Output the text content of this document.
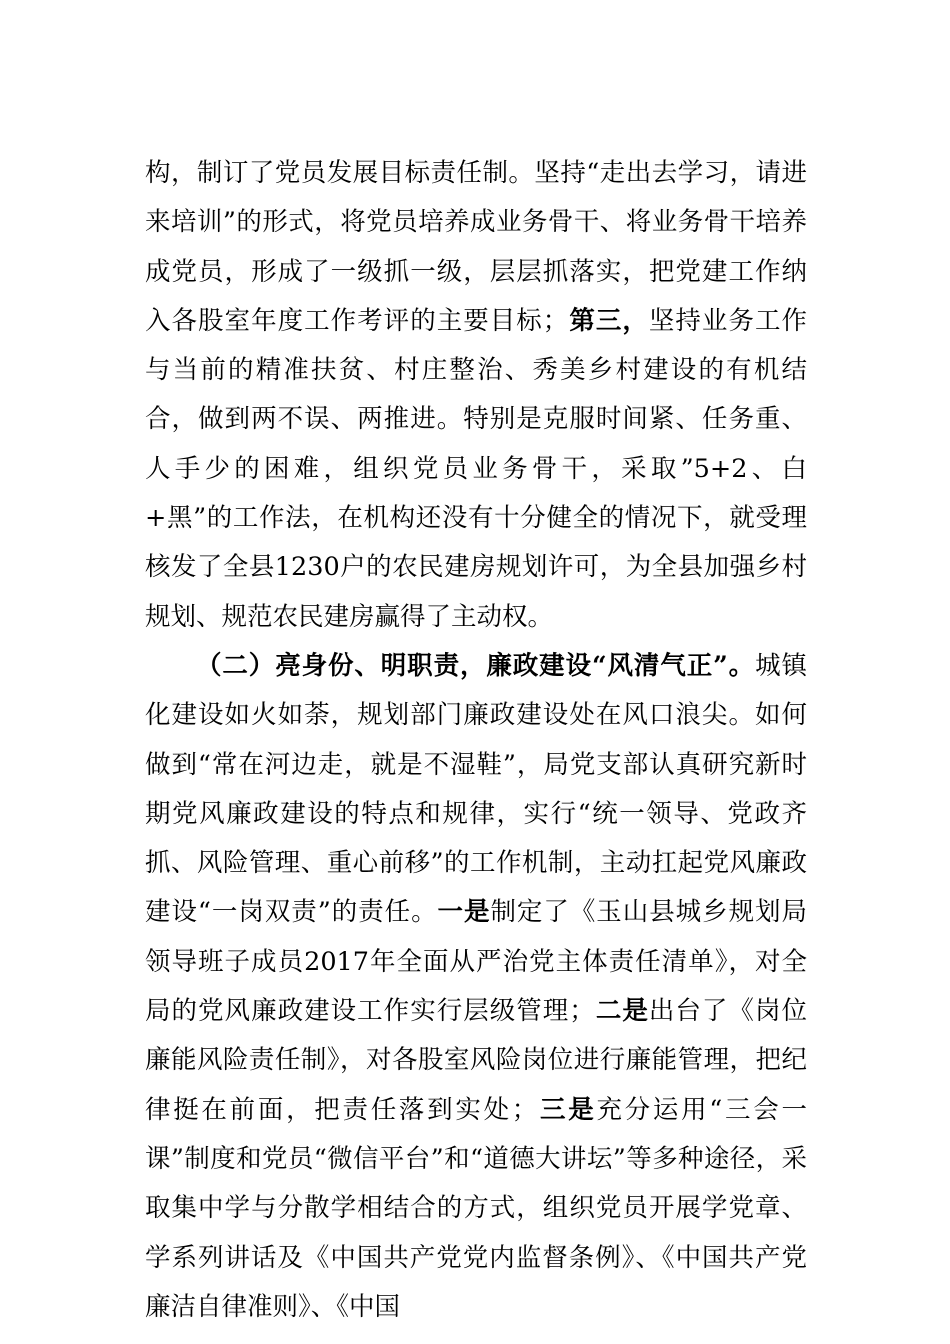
构，制订了党员发展目标责任制。坚持“走出去学习，请进来培训”的形式，将党员培养成业务骨干、将业务骨干培养成党员，形成了一级抓一级，层层抓落实，把党建工作纳入各股室年度工作考评的主要目标；第三，坚持业务工作与当前的精准扶贫、村庄整治、秀美乡村建设的有机结合，做到两不误、两推进。特别是克服时间紧、任务重、人手少的困难，组织党员业务骨干，采取”5+2、白+黑”的工作法，在机构还没有十分健全的情况下，就受理核发了全县1230户的农民建房规划许可，为全县加强乡村规划、规范农民建房赢得了主动权。

（二）亮身份、明职责，廉政建设“风清气正”。城镇化建设如火如荼，规划部门廉政建设处在风口浪尖。如何做到“常在河边走，就是不湿鞋”，局党支部认真研究新时期党风廉政建设的特点和规律，实行“统一领导、党政齐抓、风险管理、重心前移”的工作机制，主动扛起党风廉政建设“一岗双责”的责任。一是制定了《玉山县城乡规划局领导班子成员2017年全面从严治党主体责任清单》，对全局的党风廉政建设工作实行层级管理；二是出台了《岗位廉能风险责任制》，对各股室风险岗位进行廉能管理，把纪律挺在前面，把责任落到实处；三是充分运用“三会一课”制度和党员“微信平台”和“道德大讲坛”等多种途径，采取集中学与分散学相结合的方式，组织党员开展学党章、学系列讲话及《中国共产党党内监督条例》、《中国共产党廉洁自律准则》、《中国
